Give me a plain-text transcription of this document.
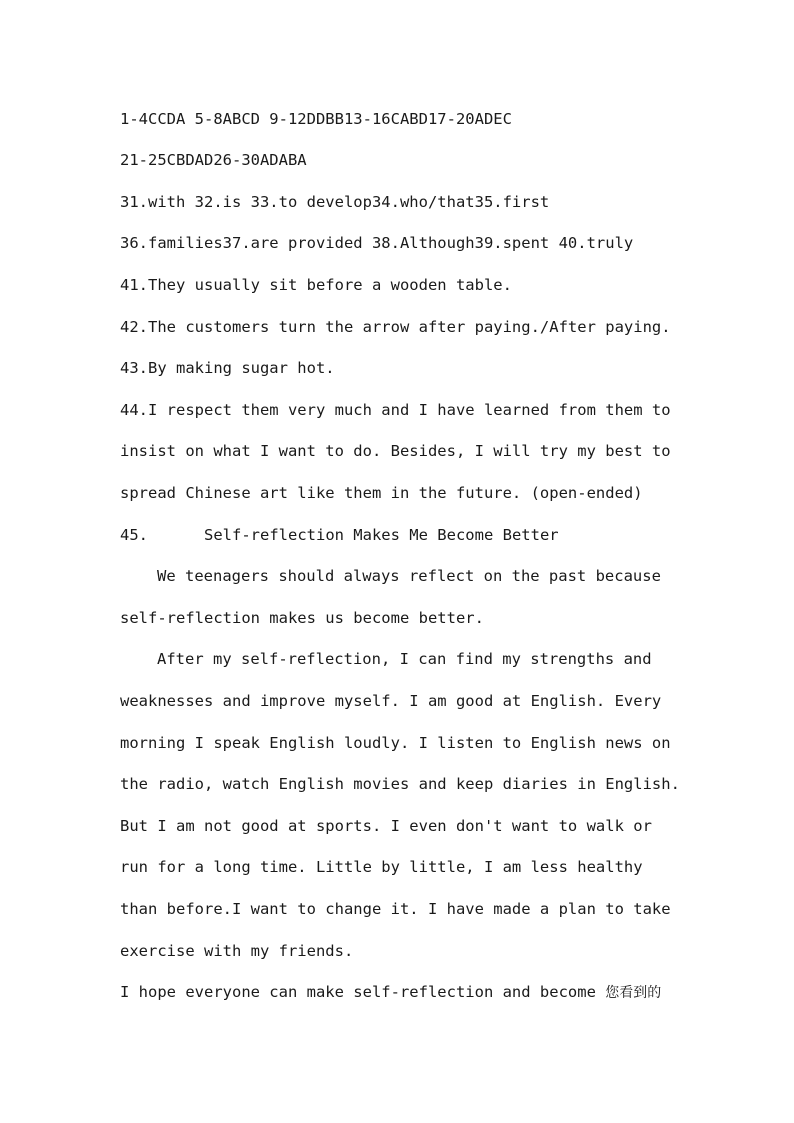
1-4CCDA 5-8ABCD 9-12DDBB13-16CABD17-20ADEC
21-25CBDAD26-30ADABA
31.with 32.is 33.to develop34.who/that35.first
36.families37.are provided 38.Although39.spent 40.truly
41.They usually sit before a wooden table.
42.The customers turn the arrow after paying./After paying.
43.By making sugar hot.
44.I respect them very much and I have learned from them to
insist on what I want to do. Besides, I will try my best to
spread Chinese art like them in the future. (open-ended)
45.	Self-reflection Makes Me Become Better
We teenagers should always reflect on the past because
self-reflection makes us become better.
After my self-reflection, I can find my strengths and
weaknesses and improve myself. I am good at English. Every
morning I speak English loudly. I listen to English news on
the radio, watch English movies and keep diaries in English.
But I am not good at sports. I even don't want to walk or
run for a long time. Little by little, I am less healthy
than before.I want to change it. I have made a plan to take
exercise with my friends.
I hope everyone can make self-reflection and become 您看到的
